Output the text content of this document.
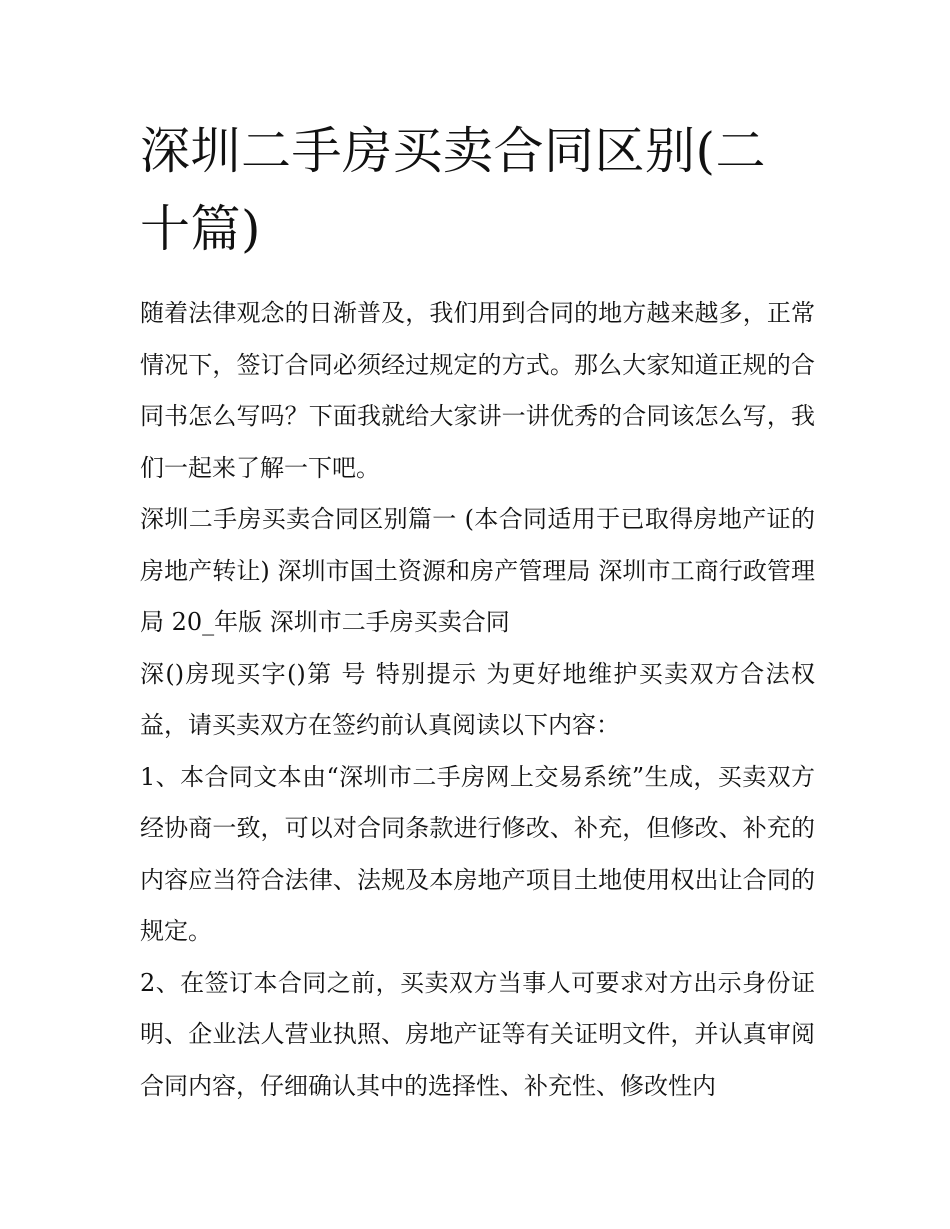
深圳二手房买卖合同区别(二十篇)

随着法律观念的日渐普及，我们用到合同的地方越来越多，正常情况下，签订合同必须经过规定的方式。那么大家知道正规的合同书怎么写吗？下面我就给大家讲一讲优秀的合同该怎么写，我们一起来了解一下吧。

深圳二手房买卖合同区别篇一 (本合同适用于已取得房地产证的房地产转让) 深圳市国土资源和房产管理局 深圳市工商行政管理局 20_年版 深圳市二手房买卖合同

深()房现买字()第 号 特别提示 为更好地维护买卖双方合法权益，请买卖双方在签约前认真阅读以下内容：

1、本合同文本由“深圳市二手房网上交易系统”生成，买卖双方经协商一致，可以对合同条款进行修改、补充，但修改、补充的内容应当符合法律、法规及本房地产项目土地使用权出让合同的规定。

2、在签订本合同之前，买卖双方当事人可要求对方出示身份证明、企业法人营业执照、房地产证等有关证明文件，并认真审阅合同内容，仔细确认其中的选择性、补充性、修改性内
